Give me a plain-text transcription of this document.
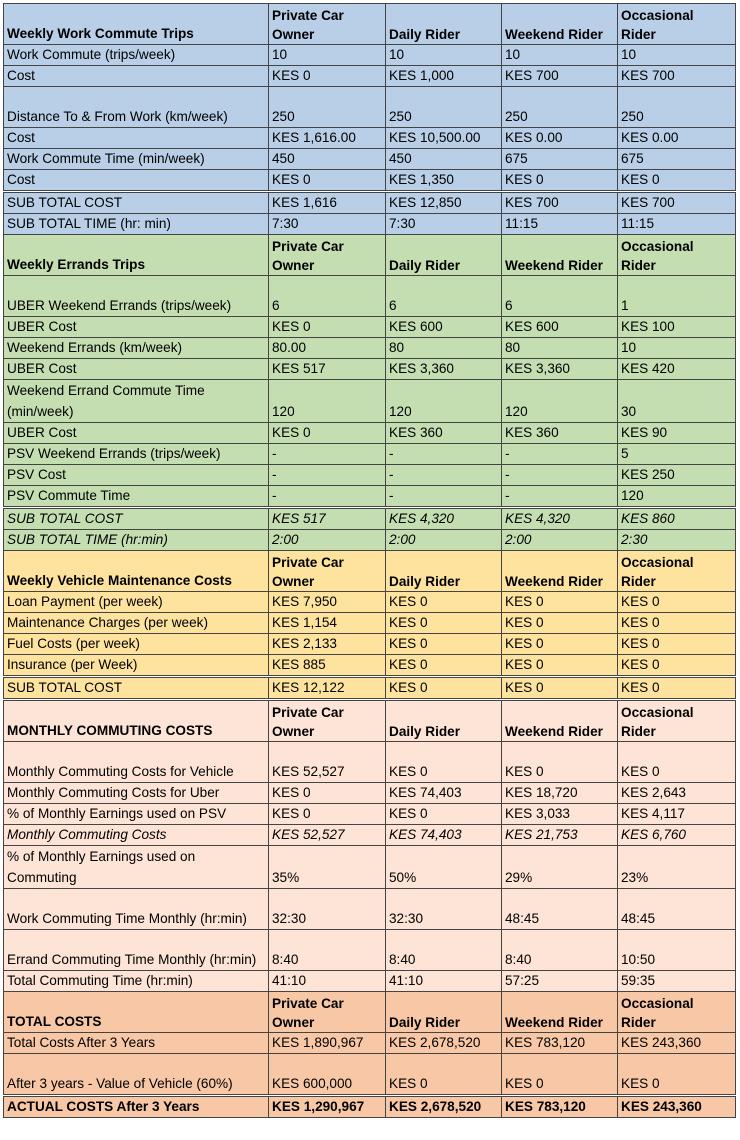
Weekly Work Commute Trips	Private Car Owner	Daily Rider	Weekend Rider	Occasional Rider
Work Commute (trips/week)	10	10	10	10
Cost	KES 0	KES 1,000	KES 700	KES 700
Distance To & From Work (km/week)	250	250	250	250
Cost	KES 1,616.00	KES 10,500.00	KES 0.00	KES 0.00
Work Commute Time (min/week)	450	450	675	675
Cost	KES 0	KES 1,350	KES 0	KES 0
SUB TOTAL COST	KES 1,616	KES 12,850	KES 700	KES 700
SUB TOTAL TIME (hr: min)	7:30	7:30	11:15	11:15
Weekly Errands Trips	Private Car Owner	Daily Rider	Weekend Rider	Occasional Rider
UBER Weekend Errands (trips/week)	6	6	6	1
UBER Cost	KES 0	KES 600	KES 600	KES 100
Weekend Errands (km/week)	80.00	80	80	10
UBER Cost	KES 517	KES 3,360	KES 3,360	KES 420
Weekend Errand Commute Time (min/week)	120	120	120	30
UBER Cost	KES 0	KES 360	KES 360	KES 90
PSV Weekend Errands (trips/week)	-	-	-	5
PSV Cost	-	-	-	KES 250
PSV Commute Time	-	-	-	120
SUB TOTAL COST	KES 517	KES 4,320	KES 4,320	KES 860
SUB TOTAL TIME (hr:min)	2:00	2:00	2:00	2:30
Weekly Vehicle Maintenance Costs	Private Car Owner	Daily Rider	Weekend Rider	Occasional Rider
Loan Payment (per week)	KES 7,950	KES 0	KES 0	KES 0
Maintenance Charges (per week)	KES 1,154	KES 0	KES 0	KES 0
Fuel Costs (per week)	KES 2,133	KES 0	KES 0	KES 0
Insurance (per Week)	KES 885	KES 0	KES 0	KES 0
SUB TOTAL COST	KES 12,122	KES 0	KES 0	KES 0
MONTHLY COMMUTING COSTS	Private Car Owner	Daily Rider	Weekend Rider	Occasional Rider
Monthly Commuting Costs for Vehicle	KES 52,527	KES 0	KES 0	KES 0
Monthly Commuting Costs for Uber	KES 0	KES 74,403	KES 18,720	KES 2,643
% of Monthly Earnings used on PSV	KES 0	KES 0	KES 3,033	KES 4,117
Monthly Commuting Costs	KES 52,527	KES 74,403	KES 21,753	KES 6,760
% of Monthly Earnings used on Commuting	35%	50%	29%	23%
Work Commuting Time Monthly (hr:min)	32:30	32:30	48:45	48:45
Errand Commuting Time Monthly (hr:min)	8:40	8:40	8:40	10:50
Total Commuting Time (hr:min)	41:10	41:10	57:25	59:35
TOTAL COSTS	Private Car Owner	Daily Rider	Weekend Rider	Occasional Rider
Total Costs After 3 Years	KES 1,890,967	KES 2,678,520	KES 783,120	KES 243,360
After 3 years - Value of Vehicle (60%)	KES 600,000	KES 0	KES 0	KES 0
ACTUAL COSTS After 3 Years	KES 1,290,967	KES 2,678,520	KES 783,120	KES 243,360
